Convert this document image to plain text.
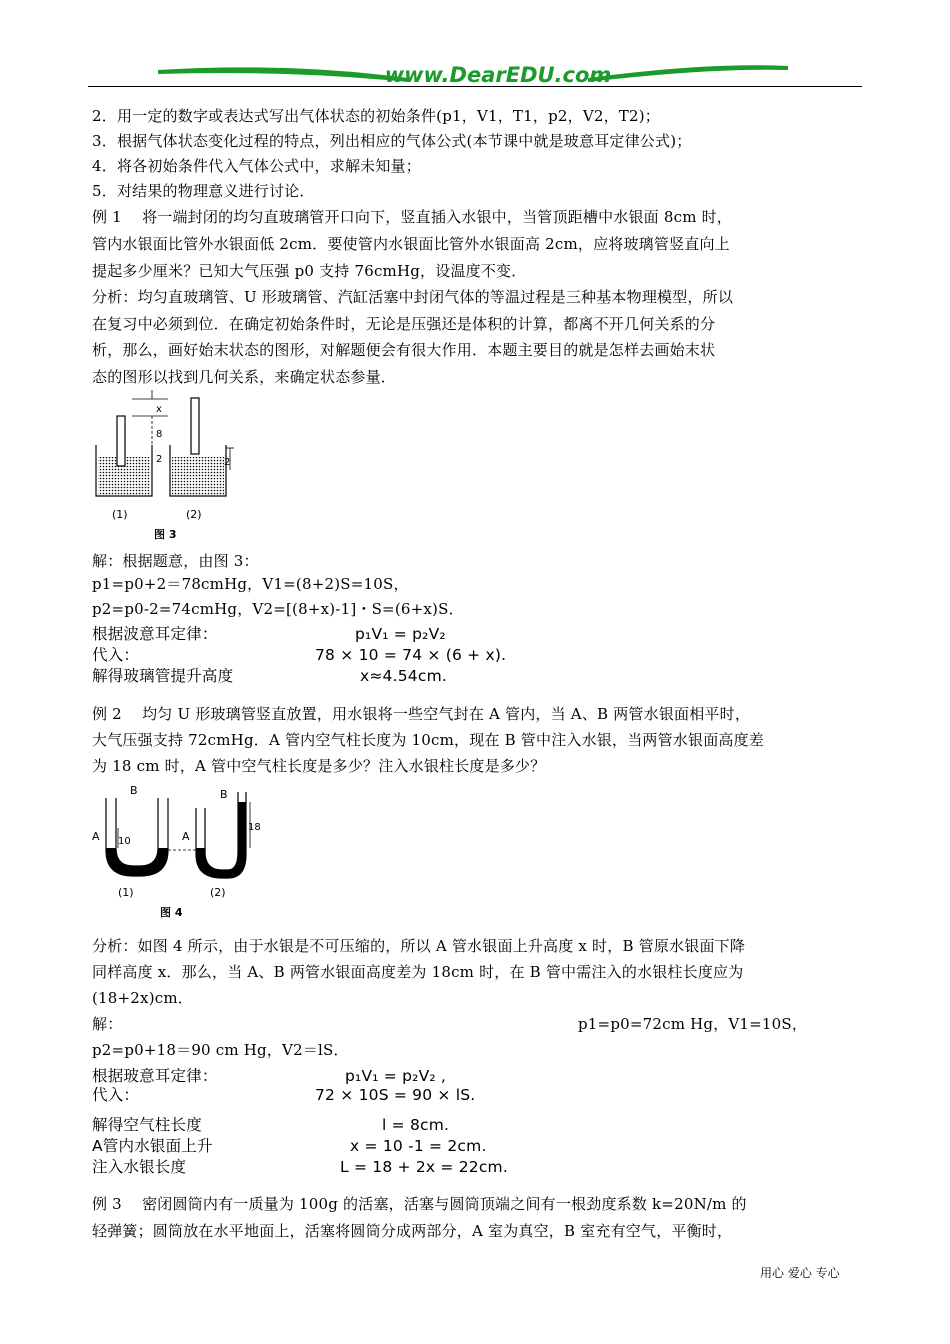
www.DearEDU.com
2．用一定的数字或表达式写出气体状态的初始条件(p1，V1，T1，p2，V2，T2)；
3．根据气体状态变化过程的特点，列出相应的气体公式(本节课中就是玻意耳定律公式)；
4．将各初始条件代入气体公式中，求解未知量；
5．对结果的物理意义进行讨论．
例 1　 将一端封闭的均匀直玻璃管开口向下，竖直插入水银中，当管顶距槽中水银面 8cm 时，
管内水银面比管外水银面低 2cm．要使管内水银面比管外水银面高 2cm，应将玻璃管竖直向上
提起多少厘米？已知大气压强 p0 支持 76cmHg，设温度不变．
分析：均匀直玻璃管、U 形玻璃管、汽缸活塞中封闭气体的等温过程是三种基本物理模型，所以
在复习中必须到位．在确定初始条件时，无论是压强还是体积的计算，都离不开几何关系的分
析，那么，画好始末状态的图形，对解题便会有很大作用．本题主要目的就是怎样去画始末状
态的图形以找到几何关系，来确定状态参量．
x
8
2	2
(1)	(2)
图 3
解：根据题意，由图 3：
p1=p0+2＝78cmHg，V1=(8+2)S=10S，
p2=p0-2=74cmHg，V2=[(8+x)-1]・S=(6+x)S．
根据波意耳定律：	p₁V₁ = p₂V₂
代入：	78 × 10 = 74 × (6 + x).
解得玻璃管提升高度	x≈4.54cm.
例 2　 均匀 U 形玻璃管竖直放置，用水银将一些空气封在 A 管内，当 A、B 两管水银面相平时，
大气压强支持 72cmHg．A 管内空气柱长度为 10cm，现在 B 管中注入水银，当两管水银面高度差
为 18 cm 时，A 管中空气柱长度是多少？注入水银柱长度是多少？
B
A 10
B
A
18
(1)	(2)
图 4
分析：如图 4 所示，由于水银是不可压缩的，所以 A 管水银面上升高度 x 时，B 管原水银面下降
同样高度 x．那么，当 A、B 两管水银面高度差为 18cm 时，在 B 管中需注入的水银柱长度应为
(18+2x)cm．
解：	p1=p0=72cm Hg，V1=10S，
p2=p0+18＝90 cm Hg，V2＝lS．
根据玻意耳定律：	p₁V₁ = p₂V₂ ,
代入：	72 × 10S = 90 × lS.
解得空气柱长度	l = 8cm.
A管内水银面上升	x = 10 -1 = 2cm.
注入水银长度	L = 18 + 2x = 22cm.
例 3　 密闭圆筒内有一质量为 100g 的活塞，活塞与圆筒顶端之间有一根劲度系数 k=20N/m 的
轻弹簧；圆筒放在水平地面上，活塞将圆筒分成两部分，A 室为真空，B 室充有空气，平衡时，
用心 爱心 专心
